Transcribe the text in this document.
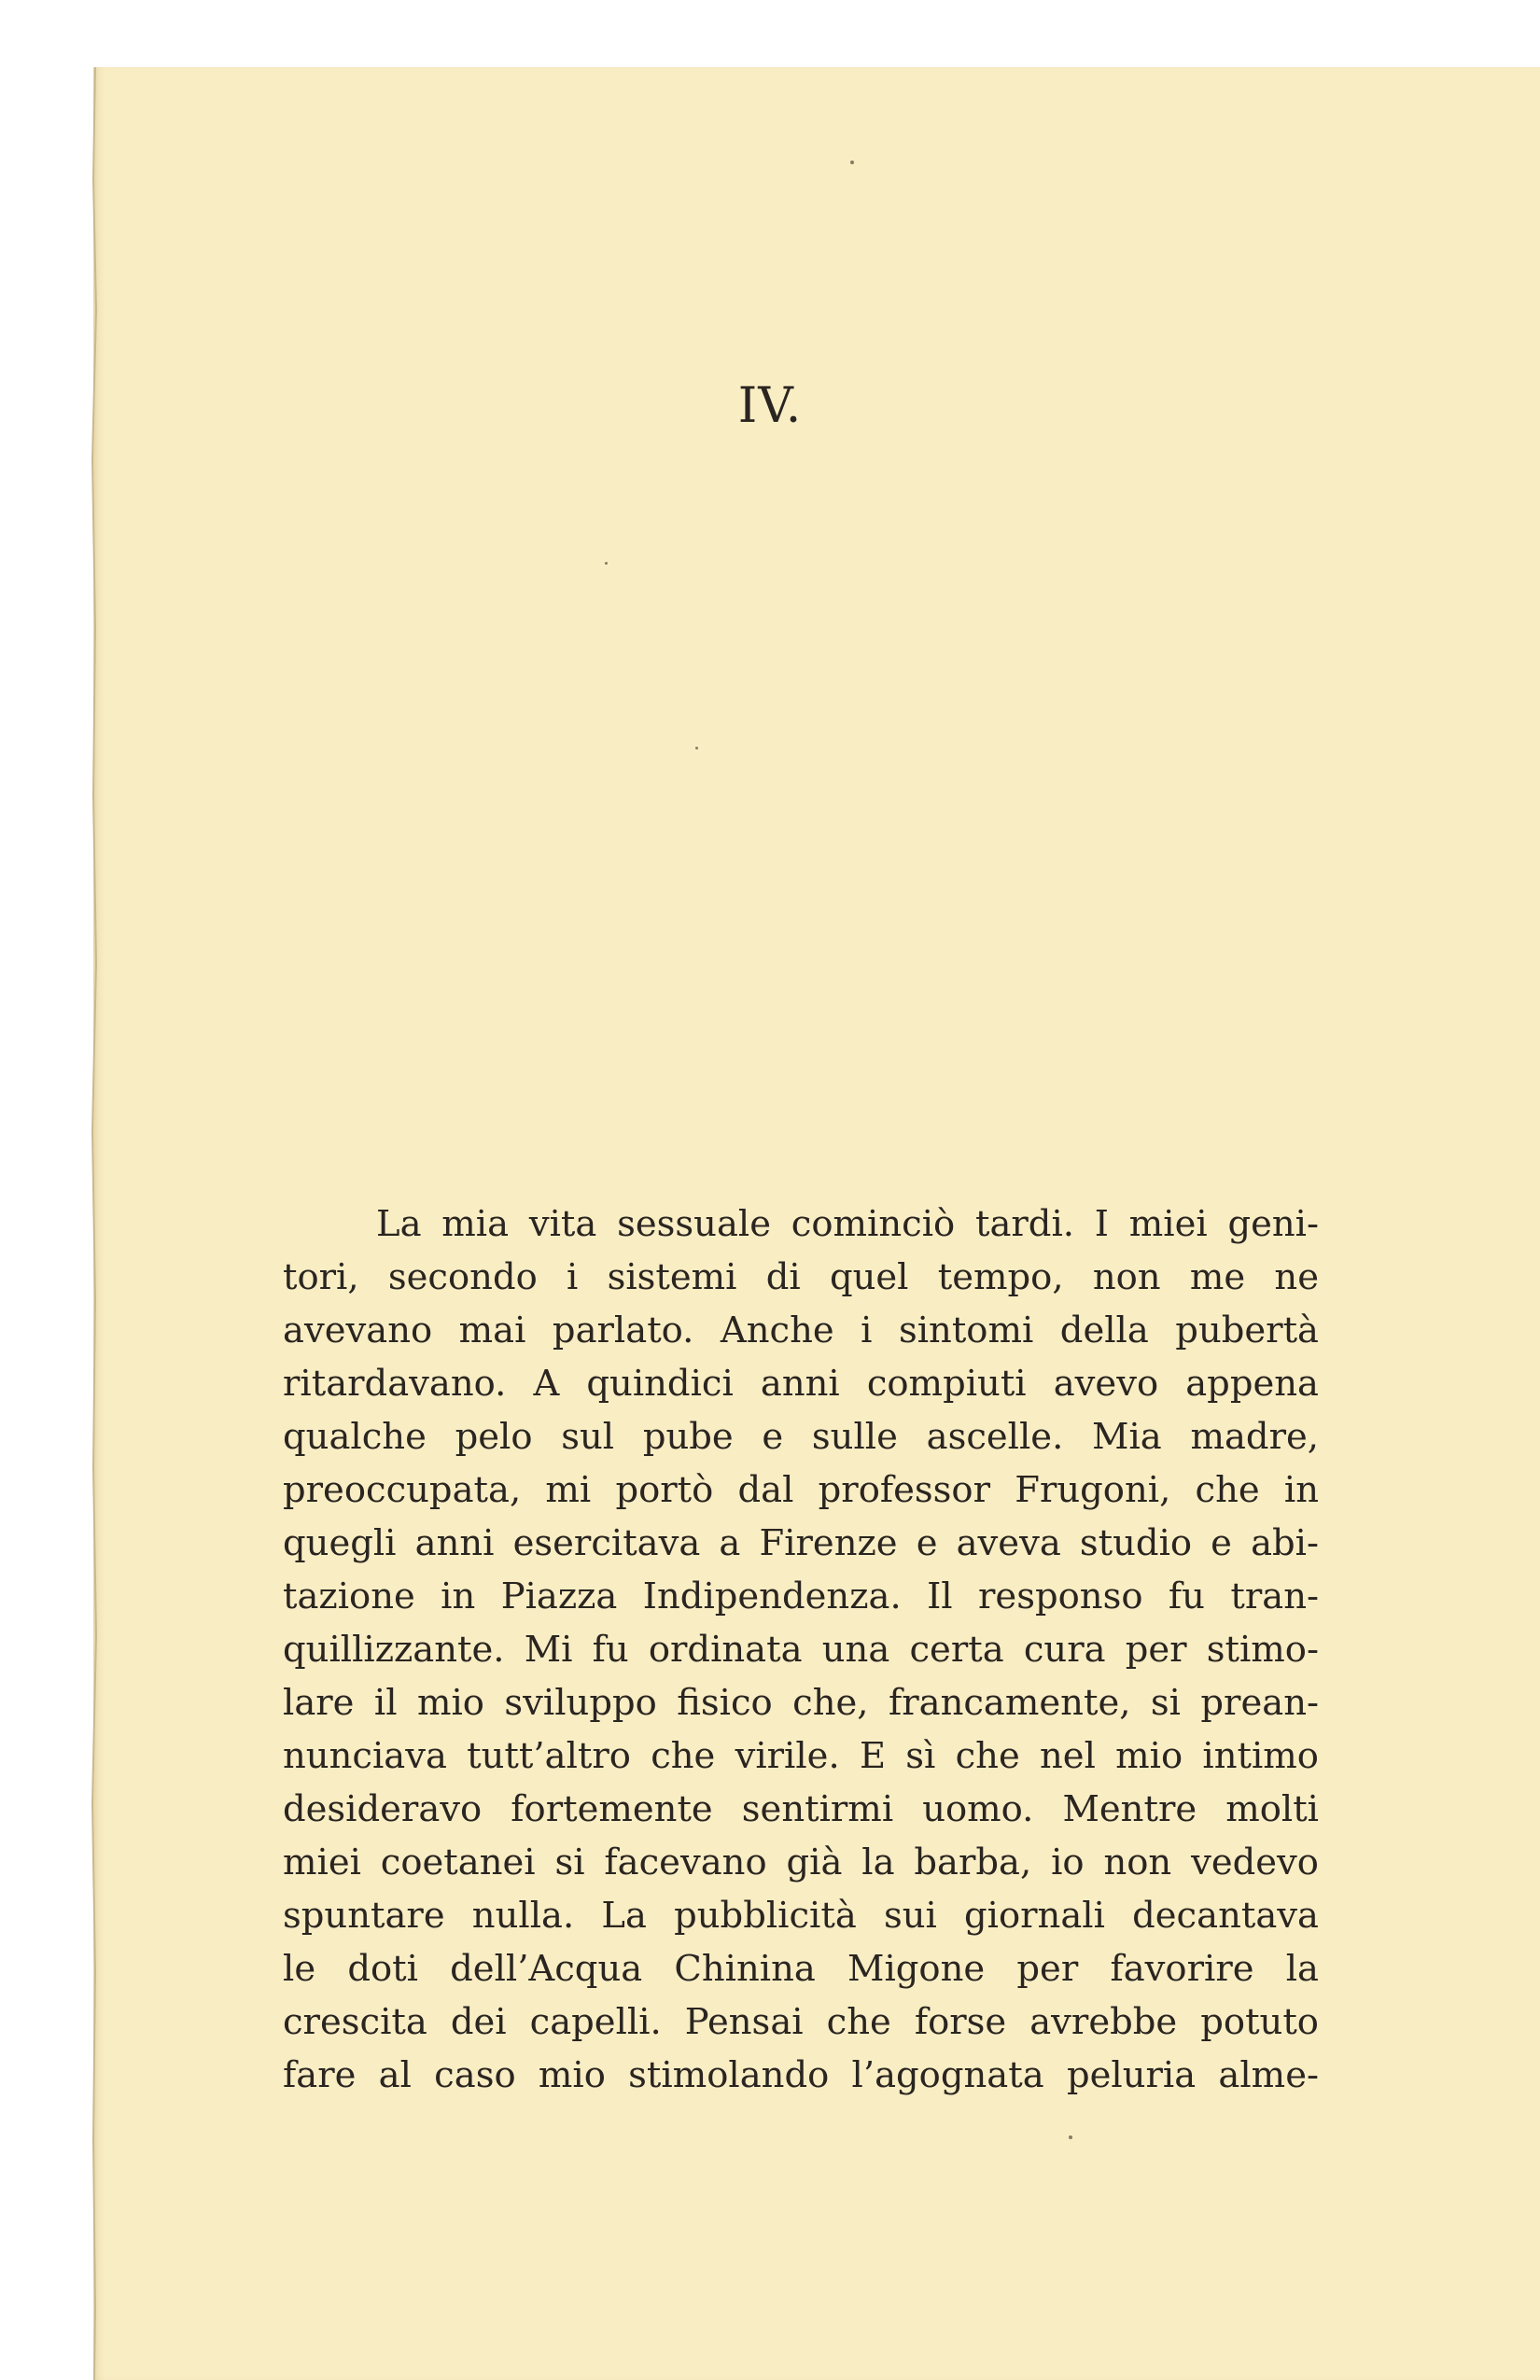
IV.
La mia vita sessuale cominciò tardi. I miei geni-
tori, secondo i sistemi di quel tempo, non me ne
avevano mai parlato. Anche i sintomi della pubertà
ritardavano. A quindici anni compiuti avevo appena
qualche pelo sul pube e sulle ascelle. Mia madre,
preoccupata, mi portò dal professor Frugoni, che in
quegli anni esercitava a Firenze e aveva studio e abi-
tazione in Piazza Indipendenza. Il responso fu tran-
quillizzante. Mi fu ordinata una certa cura per stimo-
lare il mio sviluppo fisico che, francamente, si prean-
nunciava tutt’altro che virile. E sì che nel mio intimo
desideravo fortemente sentirmi uomo. Mentre molti
miei coetanei si facevano già la barba, io non vedevo
spuntare nulla. La pubblicità sui giornali decantava
le doti dell’Acqua Chinina Migone per favorire la
crescita dei capelli. Pensai che forse avrebbe potuto
fare al caso mio stimolando l’agognata peluria alme-
